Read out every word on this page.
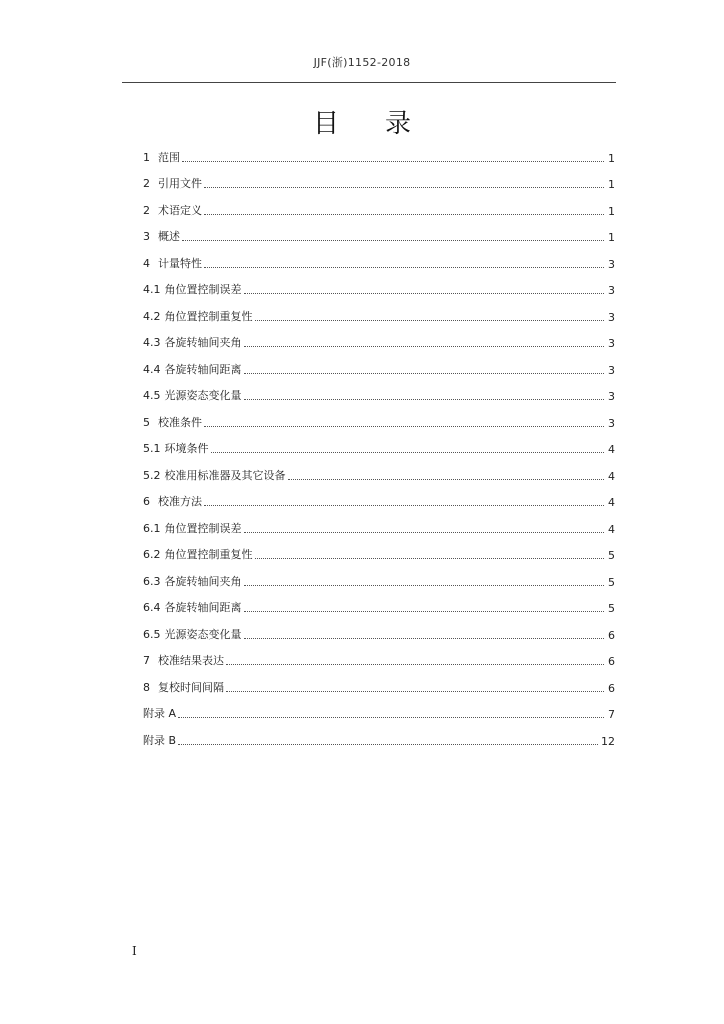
JJF(浙)1152-2018
目录
1 范围	1
2 引用文件	1
2 术语定义	1
3 概述	1
4 计量特性	3
4.1 角位置控制误差	3
4.2 角位置控制重复性	3
4.3 各旋转轴间夹角	3
4.4 各旋转轴间距离	3
4.5 光源姿态变化量	3
5 校准条件	3
5.1 环境条件	4
5.2 校准用标准器及其它设备	4
6 校准方法	4
6.1 角位置控制误差	4
6.2 角位置控制重复性	5
6.3 各旋转轴间夹角	5
6.4 各旋转轴间距离	5
6.5 光源姿态变化量	6
7 校准结果表达	6
8 复校时间间隔	6
附录 A	7
附录 B	12
I
